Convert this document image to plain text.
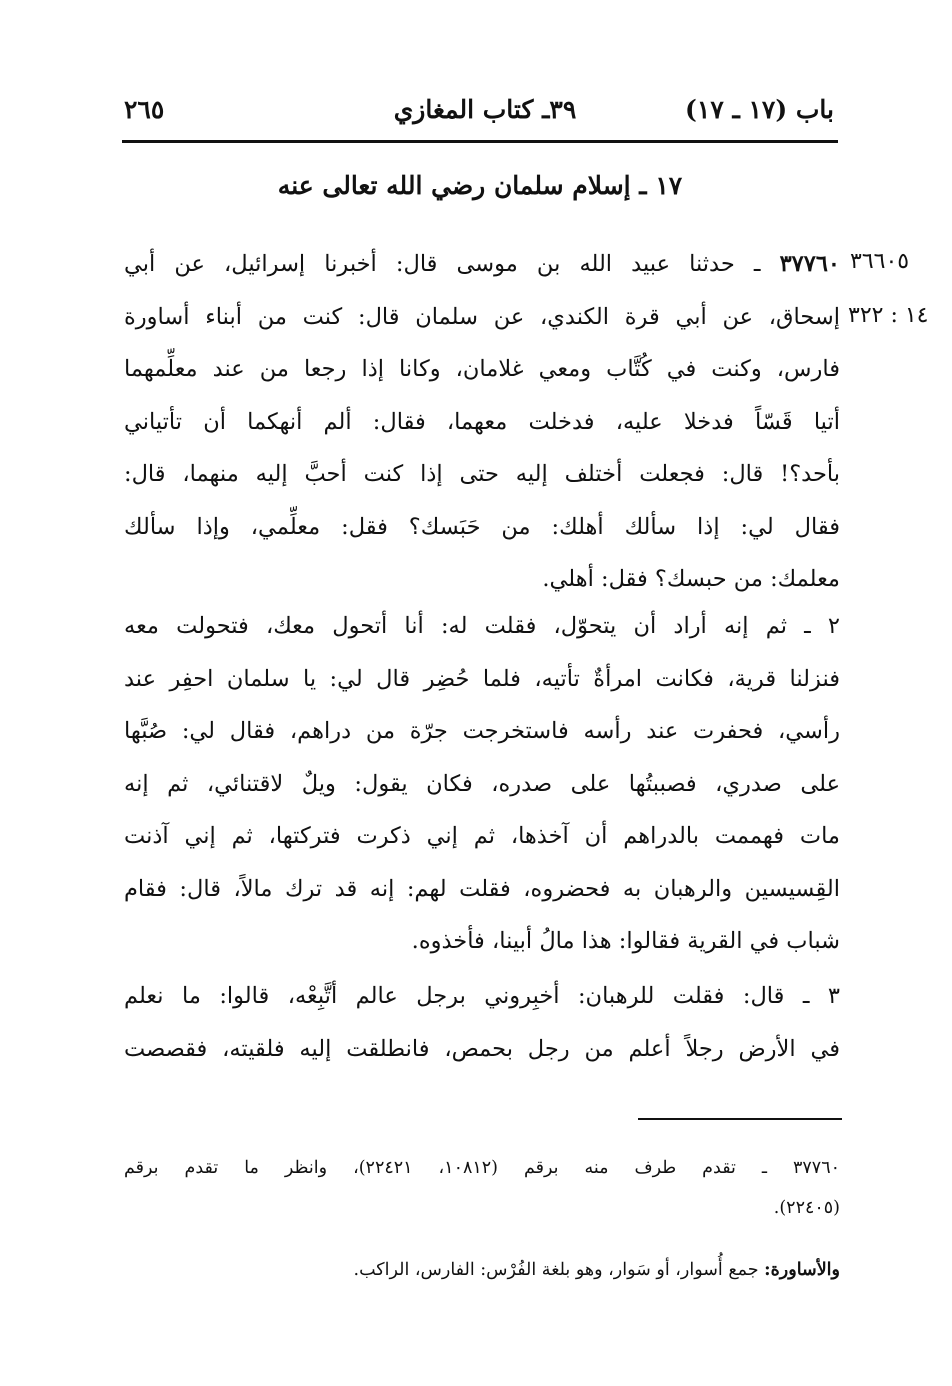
باب (١٧ ـ ١٧)
٣٩ـ كتاب المغازي
٢٦٥
١٧ ـ إسلام سلمان رضي الله تعالى عنه
٣٦٦٠٥
١٤ : ٣٢٢
٣٧٧٦٠ ـ حدثنا عبيد الله بن موسى قال: أخبرنا إسرائيل، عن أبي
إسحاق، عن أبي قرة الكندي، عن سلمان قال: كنت من أبناء أساورة
فارس، وكنت في كُتَّاب ومعي غلامان، وكانا إذا رجعا من عند معلِّمهما
أتيا قَسّاً فدخلا عليه، فدخلت معهما، فقال: ألم أنهكما أن تأتياني
بأحد؟! قال: فجعلت أختلف إليه حتى إذا كنت أحبَّ إليه منهما، قال:
فقال لي: إذا سألك أهلك: من حَبَسك؟ فقل: معلِّمي، وإذا سألك
معلمك: من حبسك؟ فقل: أهلي.
٢ ـ ثم إنه أراد أن يتحوّل، فقلت له: أنا أتحول معك، فتحولت معه
فنزلنا قرية، فكانت امرأةٌ تأتيه، فلما حُضِر قال لي: يا سلمان احفِر عند
رأسي، فحفرت عند رأسه فاستخرجت جرّة من دراهم، فقال لي: صُبَّها
على صدري، فصببتُها على صدره، فكان يقول: ويلٌ لاقتنائي، ثم إنه
مات فهممت بالدراهم أن آخذها، ثم إني ذكرت فتركتها، ثم إني آذنت
القِسيسين والرهبان به فحضروه، فقلت لهم: إنه قد ترك مالاً، قال: فقام
شباب في القرية فقالوا: هذا مالُ أبينا، فأخذوه.
٣ ـ قال: فقلت للرهبان: أخبِروني برجل عالم أتَّبِعْه، قالوا: ما نعلم
في الأرض رجلاً أعلم من رجل بحمص، فانطلقت إليه فلقيته، فقصصت
٣٧٧٦٠ ـ تقدم طرف منه برقم (١٠٨١٢، ٢٢٤٢١)، وانظر ما تقدم برقم
(٢٢٤٠٥).
والأساورة: جمع أُسوار، أو سَوار، وهو بلغة الفُرْس: الفارس، الراكب.
